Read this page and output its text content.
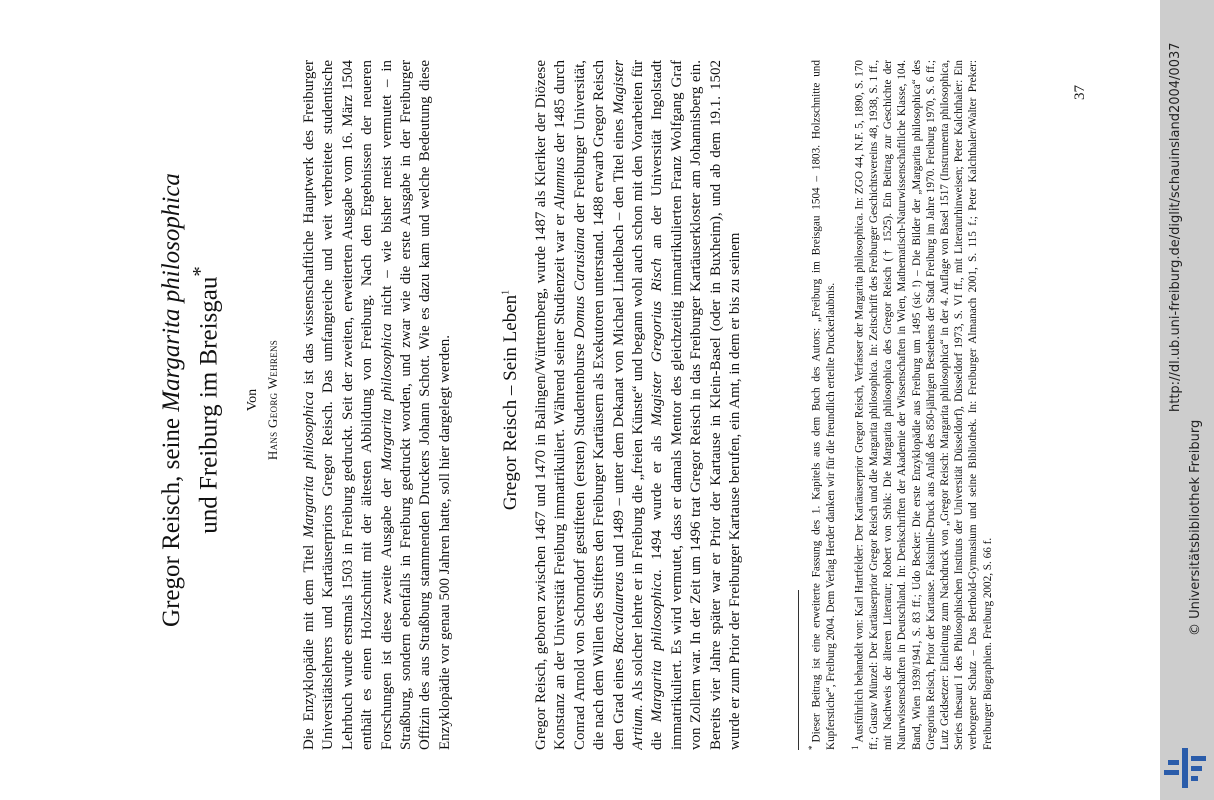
Gregor Reisch, seine Margarita philosophica und Freiburg im Breisgau*
Von Hans Georg Wehrens
Die Enzyklopädie mit dem Titel Margarita philosophica ist das wissenschaftliche Hauptwerk des Freiburger Universitätslehrers und Kartäuserpriors Gregor Reisch. Das umfangreiche und weit verbreitete studentische Lehrbuch wurde erstmals 1503 in Freiburg gedruckt. Seit der zweiten, erweiterten Ausgabe vom 16. März 1504 enthält es einen Holzschnitt mit der ältesten Abbildung von Freiburg. Nach den Ergebnissen der neueren Forschungen ist diese zweite Ausgabe der Margarita philosophica nicht – wie bisher meist vermutet – in Straßburg, sondern ebenfalls in Freiburg gedruckt worden, und zwar wie die erste Ausgabe in der Freiburger Offizin des aus Straßburg stammenden Druckers Johann Schott. Wie es dazu kam und welche Bedeutung diese Enzyklopädie vor genau 500 Jahren hatte, soll hier dargelegt werden.	Gregor Reisch – Sein Leben$^1$	Gregor Reisch, geboren zwischen 1467 und 1470 in Balingen/Württemberg, wurde 1487 als Kleriker der Diözese Konstanz an der Universität Freiburg immatrikuliert. Während seiner Studienzeit war er Alumnus der 1485 durch Conrad Arnold von Schorndorf gestifteten (ersten) Studentenburse Domus Carusiana der Freiburger Universität, die nach dem Willen des Stifters den Freiburger Kartäusern als Exekutoren unterstand. 1488 erwarb Gregor Reisch den Grad eines Baccalaureus und 1489 – unter dem Dekanat von Michael Lindelbach – den Titel eines Magister Artium. Als solcher lehrte er in Freiburg die „freien Künste“ und begann wohl auch schon mit den Vorarbeiten für die Margarita philosophica. 1494 wurde er als Magister Gregorius Risch an der Universität Ingolstadt immatrikuliert. Es wird vermutet, dass er damals Mentor des gleichzeitig immatrikulierten Franz Wolfgang Graf von Zollern war. In der Zeit um 1496 trat Gregor Reisch in das Freiburger Kartäuserkloster am Johannisberg ein. Bereits vier Jahre später war er Prior der Kartause in Klein-Basel (oder in Buxheim), und ab dem 19.1. 1502 wurde er zum Prior der Freiburger Kartause berufen, ein Amt, in dem er bis zu seinem	*Dieser Beitrag ist eine erweiterte Fassung des 1. Kapitels aus dem Buch des Autors: „Freiburg im Breisgau 1504 – 1803. Holzschnitte und Kupferstiche“, Freiburg 2004. Dem Verlag Herder danken wir für die freundlich erteilte Druckerlaubnis.	$^1$Ausführlich behandelt von: Karl Hartfelder: Der Kartäuserprior Gregor Reisch, Verfasser der Margarita philosophica. In: ZGO 44, N.F. 5, 1890, S. 170 ff.; Gustav Münzel: Der Kartäuserprior Gregor Reisch und die Margarita philosophica. In: Zeitschrift des Freiburger Geschichtsvereins 48, 1938, S. 1 ff., mit Nachweis der älteren Literatur; Robert von Srbik: Die Margarita philosophica des Gregor Reisch († 1525). Ein Beitrag zur Geschichte der Naturwissenschaften in Deutschland. In: Denkschriften der Akademie der Wissenschaften in Wien, Mathematisch-Naturwissenschaftliche Klasse, 104. Band, Wien 1939/1941, S. 83 ff.; Udo Becker: Die erste Enzyklopädie aus Freiburg um 1495 (sic !) – Die Bilder der „Margarita philosophica“ des Gregorius Reisch, Prior der Kartause. Faksimile-Druck aus Anlaß des 850-jährigen Bestehens der Stadt Freiburg im Jahre 1970. Freiburg 1970, S. 6 ff.; Lutz Geldsetzer: Einleitung zum Nachdruck von „Gregor Reisch: Margarita philosophica“ in der 4. Auflage von Basel 1517 (Instrumenta philosophica, Series thesauri I des Philosophischen Instituts der Universität Düsseldorf), Düsseldorf 1973, S. VI ff., mit Literaturhinweisen; Peter Kalchthaler: Ein verborgener Schatz – Das Berthold-Gymnasium und seine Bibliothek. In: Freiburger Almanach 2001, S. 115 f.; Peter Kalchthaler/Walter Preker: Freiburger Biographien. Freiburg 2002, S. 66 f.
37	http://dl.ub.uni-freiburg.de/diglit/schauinsland2004/0037
© Universitätsbibliothek Freiburg
